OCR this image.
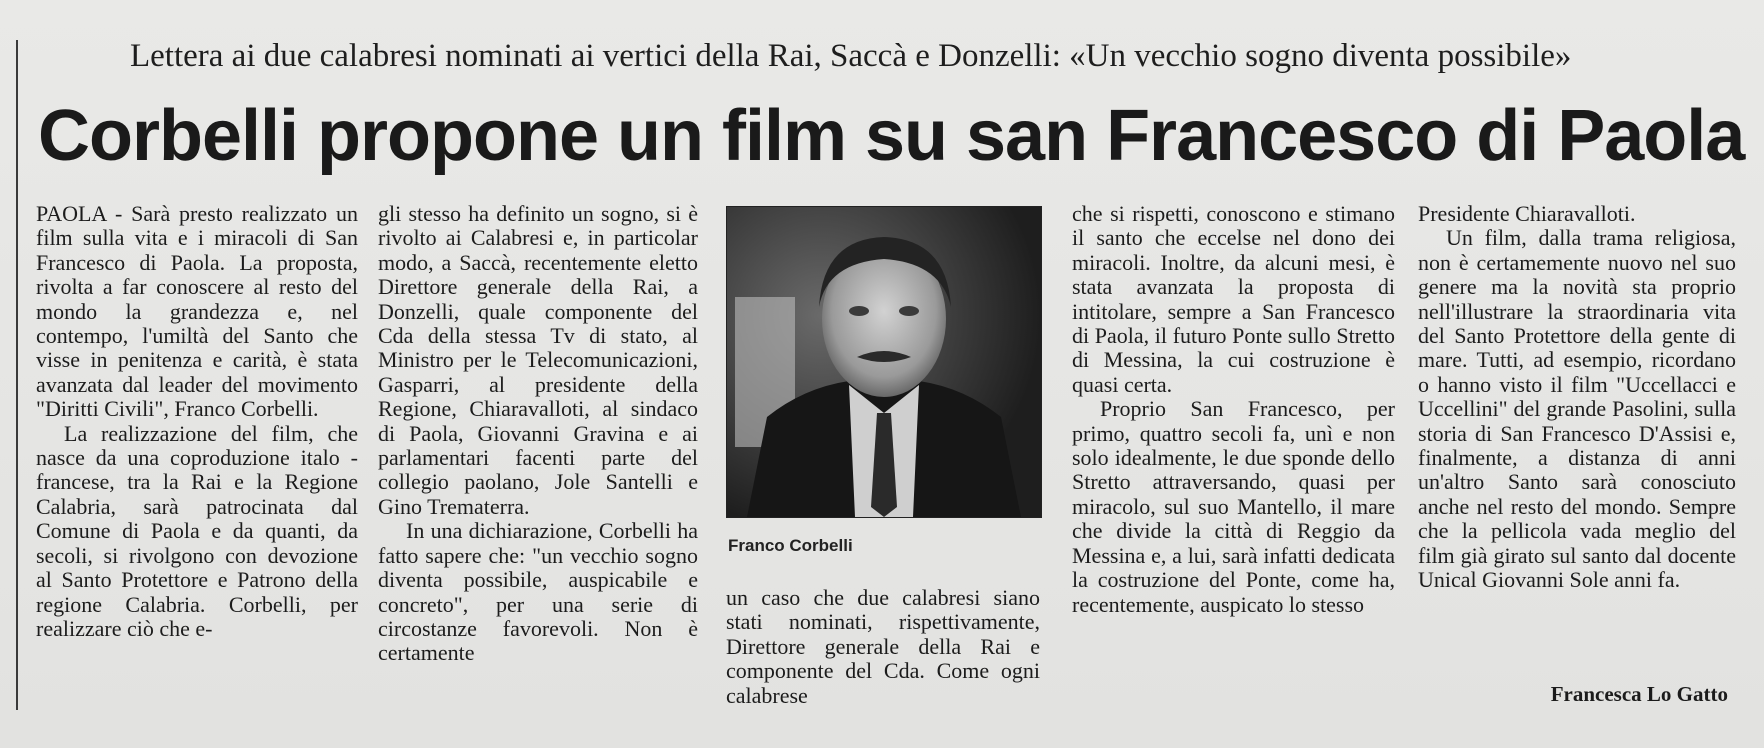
Lettera ai due calabresi nominati ai vertici della Rai, Saccà e Donzelli: «Un vecchio sogno diventa possibile»
Corbelli propone un film su san Francesco di Paola

PAOLA - Sarà presto realizzato un film sulla vita e i miracoli di San Francesco di Paola. La proposta, rivolta a far conoscere al resto del mondo la grandezza e, nel contempo, l'umiltà del Santo che visse in penitenza e carità, è stata avanzata dal leader del movimento "Diritti Civili", Franco Corbelli.

La realizzazione del film, che nasce da una coproduzione italo - francese, tra la Rai e la Regione Calabria, sarà patrocinata dal Comune di Paola e da quanti, da secoli, si rivolgono con devozione al Santo Protettore e Patrono della regione Calabria. Corbelli, per realizzare ciò che e-

gli stesso ha definito un sogno, si è rivolto ai Calabresi e, in particolar modo, a Saccà, recentemente eletto Direttore generale della Rai, a Donzelli, quale componente del Cda della stessa Tv di stato, al Ministro per le Telecomunicazioni, Gasparri, al presidente della Regione, Chiaravalloti, al sindaco di Paola, Giovanni Gravina e ai parlamentari facenti parte del collegio paolano, Jole Santelli e Gino Trematerra.

In una dichiarazione, Corbelli ha fatto sapere che: "un vecchio sogno diventa possibile, auspicabile e concreto", per una serie di circostanze favorevoli. Non è certamente

Franco Corbelli

un caso che due calabresi siano stati nominati, rispettivamente, Direttore generale della Rai e componente del Cda. Come ogni calabrese

che si rispetti, conoscono e stimano il santo che eccelse nel dono dei miracoli. Inoltre, da alcuni mesi, è stata avanzata la proposta di intitolare, sempre a San Francesco di Paola, il futuro Ponte sullo Stretto di Messina, la cui costruzione è quasi certa.

Proprio San Francesco, per primo, quattro secoli fa, unì e non solo idealmente, le due sponde dello Stretto attraversando, quasi per miracolo, sul suo Mantello, il mare che divide la città di Reggio da Messina e, a lui, sarà infatti dedicata la costruzione del Ponte, come ha, recentemente, auspicato lo stesso

Presidente Chiaravalloti.

Un film, dalla trama religiosa, non è certamemente nuovo nel suo genere ma la novità sta proprio nell'illustrare la straordinaria vita del Santo Protettore della gente di mare. Tutti, ad esempio, ricordano o hanno visto il film "Uccellacci e Uccellini" del grande Pasolini, sulla storia di San Francesco D'Assisi e, finalmente, a distanza di anni un'altro Santo sarà conosciuto anche nel resto del mondo. Sempre che la pellicola vada meglio del film già girato sul santo dal docente Unical Giovanni Sole anni fa.

Francesca Lo Gatto
